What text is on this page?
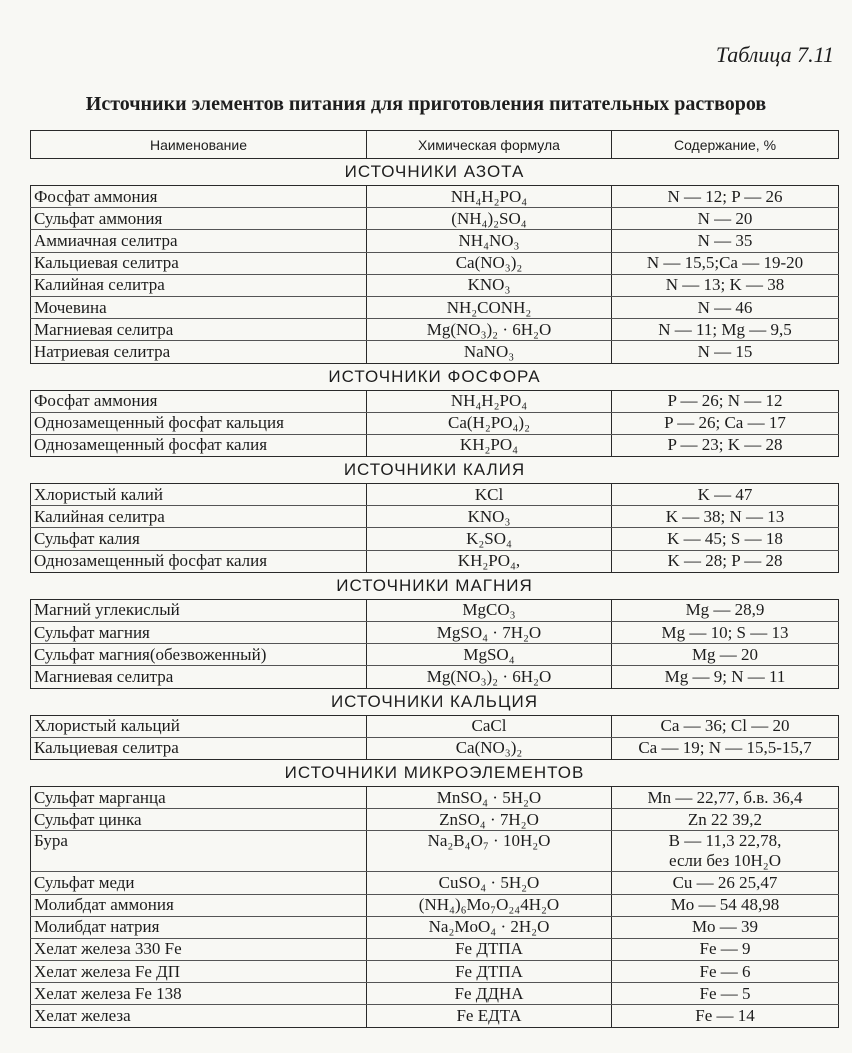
Таблица 7.11
Источники элементов питания для приготовления питательных растворов
Наименование	Химическая формула	Содержание, %
ИСТОЧНИКИ АЗОТА		
Фосфат аммония	NH₄H₂PO₄	N — 12; P — 26
Сульфат аммония	(NH₄)₂SO₄	N — 20
Аммиачная селитра	NH₄NO₃	N — 35
Кальциевая селитра	Ca(NO₃)₂	N — 15,5;Ca — 19-20
Калийная селитра	KNO₃	N — 13; K — 38
Мочевина	NH₂CONH₂	N — 46
Магниевая селитра	Mg(NO₃)₂ · 6H₂O	N — 11; Mg — 9,5
Натриевая селитра	NaNO₃	N — 15
ИСТОЧНИКИ ФОСФОРА		
Фосфат аммония	NH₄H₂PO₄	P — 26; N — 12
Однозамещенный фосфат кальция	Ca(H₂PO₄)₂	P — 26; Ca — 17
Однозамещенный фосфат калия	KH₂PO₄	P — 23; K — 28
ИСТОЧНИКИ КАЛИЯ		
Хлористый калий	KCl	K — 47
Калийная селитра	KNO₃	K — 38; N — 13
Сульфат калия	K₂SO₄	K — 45; S — 18
Однозамещенный фосфат калия	KH₂PO₄,	K — 28; P — 28
ИСТОЧНИКИ МАГНИЯ		
Магний углекислый	MgCO₃	Mg — 28,9
Сульфат магния	MgSO₄ · 7H₂O	Mg — 10; S — 13
Сульфат магния(обезвоженный)	MgSO₄	Mg — 20
Магниевая селитра	Mg(NO₃)₂ · 6H₂O	Mg — 9; N — 11
ИСТОЧНИКИ КАЛЬЦИЯ		
Хлористый кальций	CaCl	Ca — 36; Cl — 20
Кальциевая селитра	Ca(NO₃)₂	Ca — 19; N — 15,5-15,7
ИСТОЧНИКИ МИКРОЭЛЕМЕНТОВ		
Сульфат марганца	MnSO₄ · 5H₂O	Mn — 22,77, б.в. 36,4
Сульфат цинка	ZnSO₄ · 7H₂O	Zn 22 39,2
Бура	Na₂B₄O₇ · 10H₂O	B — 11,3 22,78,
если без 10H₂O

Сульфат меди	CuSO₄ · 5H₂O	Cu — 26 25,47
Молибдат аммония	(NH₄)₆Mo₇O₂₄4H₂O	Mo — 54 48,98
Молибдат натрия	Na₂MoO₄ · 2H₂O	Mo — 39
Хелат железа 330 Fe	Fe ДТПА	Fe — 9
Хелат железа Fe ДП	Fe ДТПА	Fe — 6
Хелат железа Fe 138	Fe ДДНА	Fe — 5
Хелат железа	Fe ЕДТА	Fe — 14
